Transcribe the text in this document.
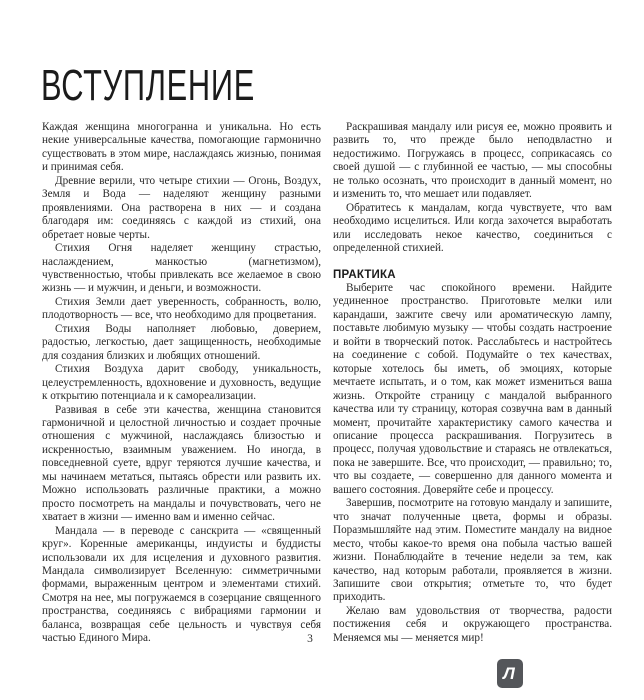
ВСТУПЛЕНИЕ

Каждая женщина многогранна и уникальна. Но есть некие универсальные качества, помогающие гармонично существовать в этом мире, наслаждаясь жизнью, понимая и принимая себя.

Древние верили, что четыре стихии — Огонь, Воздух, Земля и Вода — наделяют женщину разными проявлениями. Она растворена в них — и создана благодаря им: соединяясь с каждой из стихий, она обретает новые черты.

Стихия Огня наделяет женщину страстью, наслаждением, манкостью (магнетизмом), чувственностью, чтобы привлекать все желаемое в свою жизнь — и мужчин, и деньги, и возможности.

Стихия Земли дает уверенность, собранность, волю, плодотворность — все, что необходимо для процветания.

Стихия Воды наполняет любовью, доверием, радостью, легкостью, дает защищенность, необходимые для создания близких и любящих отношений.

Стихия Воздуха дарит свободу, уникальность, целеустремленность, вдохновение и духовность, ведущие к открытию потенциала и к самореализации.

Развивая в себе эти качества, женщина становится гармоничной и целостной личностью и создает прочные отношения с мужчиной, наслаждаясь близостью и искренностью, взаимным уважением. Но иногда, в повседневной суете, вдруг теряются лучшие качества, и мы начинаем метаться, пытаясь обрести или развить их. Можно использовать различные практики, а можно просто посмотреть на мандалы и почувствовать, чего не хватает в жизни — именно вам и именно сейчас.

Мандала — в переводе с санскрита — «священный круг». Коренные американцы, индуисты и буддисты использовали их для исцеления и духовного развития. Мандала символизирует Вселенную: симметричными формами, выраженным центром и элементами стихий. Смотря на нее, мы погружаемся в созерцание священного пространства, соединяясь с вибрациями гармонии и баланса, возвращая себе цельность и чувствуя себя частью Единого Мира.

Раскрашивая мандалу или рисуя ее, можно проявить и развить то, что прежде было неподвластно и недостижимо. Погружаясь в процесс, соприкасаясь со своей душой — с глубинной ее частью, — мы способны не только осознать, что происходит в данный момент, но и изменить то, что мешает или подавляет.

Обратитесь к мандалам, когда чувствуете, что вам необходимо исцелиться. Или когда захочется выработать или исследовать некое качество, соединиться с определенной стихией.

ПРАКТИКА

Выберите час спокойного времени. Найдите уединенное пространство. Приготовьте мелки или карандаши, зажгите свечу или ароматическую лампу, поставьте любимую музыку — чтобы создать настроение и войти в творческий поток. Расслабьтесь и настройтесь на соединение с собой. Подумайте о тех качествах, которые хотелось бы иметь, об эмоциях, которые мечтаете испытать, и о том, как может измениться ваша жизнь. Откройте страницу с мандалой выбранного качества или ту страницу, которая созвучна вам в данный момент, прочитайте характеристику самого качества и описание процесса раскрашивания. Погрузитесь в процесс, получая удовольствие и стараясь не отвлекаться, пока не завершите. Все, что происходит, — правильно; то, что вы создаете, — совершенно для данного момента и вашего состояния. Доверяйте себе и процессу.

Завершив, посмотрите на готовую мандалу и запишите, что значат полученные цвета, формы и образы. Поразмышляйте над этим. Поместите мандалу на видное место, чтобы какое-то время она побыла частью вашей жизни. Понаблюдайте в течение недели за тем, как качество, над которым работали, проявляется в жизни. Запишите свои открытия; отметьте то, что будет приходить.

Желаю вам удовольствия от творчества, радости постижения себя и окружающего пространства. Меняемся мы — меняется мир!

3
Л
